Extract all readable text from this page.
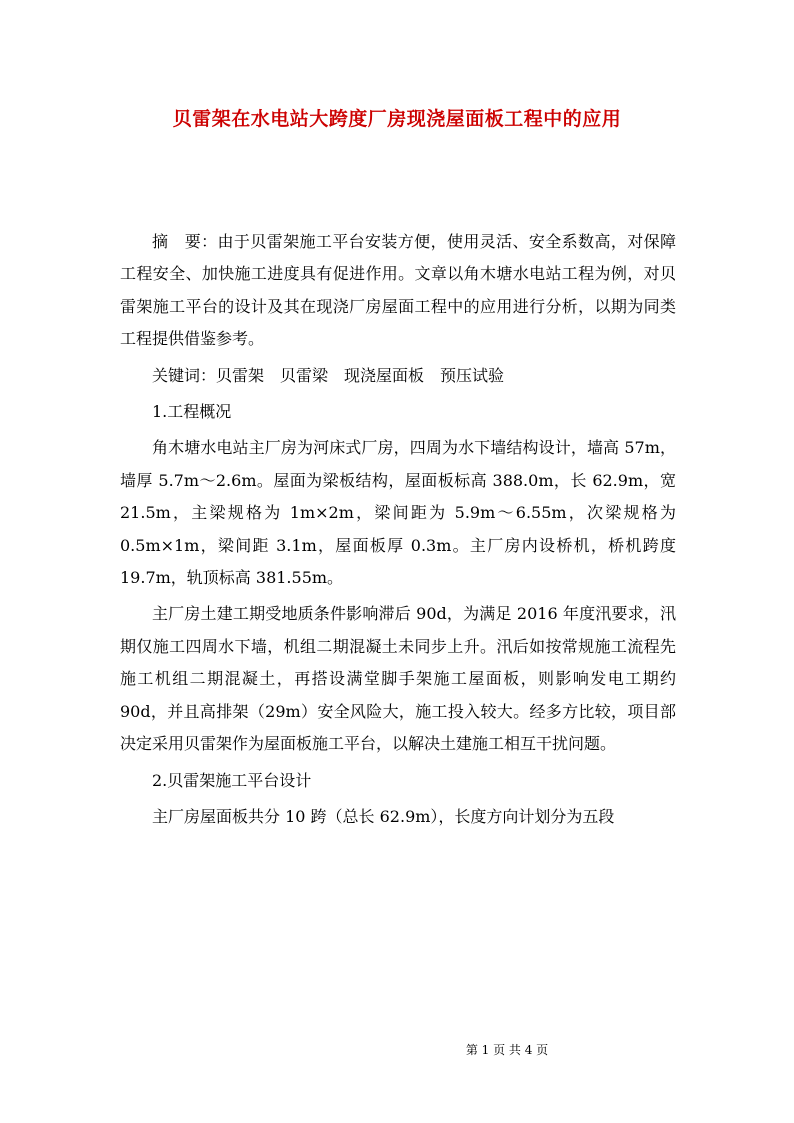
贝雷架在水电站大跨度厂房现浇屋面板工程中的应用

摘　要：由于贝雷架施工平台安装方便，使用灵活、安全系数高，对保障工程安全、加快施工进度具有促进作用。文章以角木塘水电站工程为例，对贝雷架施工平台的设计及其在现浇厂房屋面工程中的应用进行分析，以期为同类工程提供借鉴参考。

关键词：贝雷架　贝雷梁　现浇屋面板　预压试验

1.工程概况

角木塘水电站主厂房为河床式厂房，四周为水下墙结构设计，墙高 57m，墙厚 5.7m～2.6m。屋面为梁板结构，屋面板标高 388.0m，长 62.9m，宽 21.5m，主梁规格为 1m×2m，梁间距为 5.9m～6.55m，次梁规格为 0.5m×1m，梁间距 3.1m，屋面板厚 0.3m。主厂房内设桥机，桥机跨度 19.7m，轨顶标高 381.55m。

主厂房土建工期受地质条件影响滞后 90d，为满足 2016 年度汛要求，汛期仅施工四周水下墙，机组二期混凝土未同步上升。汛后如按常规施工流程先施工机组二期混凝土，再搭设满堂脚手架施工屋面板，则影响发电工期约 90d，并且高排架（29m）安全风险大，施工投入较大。经多方比较，项目部决定采用贝雷架作为屋面板施工平台，以解决土建施工相互干扰问题。

2.贝雷架施工平台设计

主厂房屋面板共分 10 跨（总长 62.9m），长度方向计划分为五段

第 1 页 共 4 页
